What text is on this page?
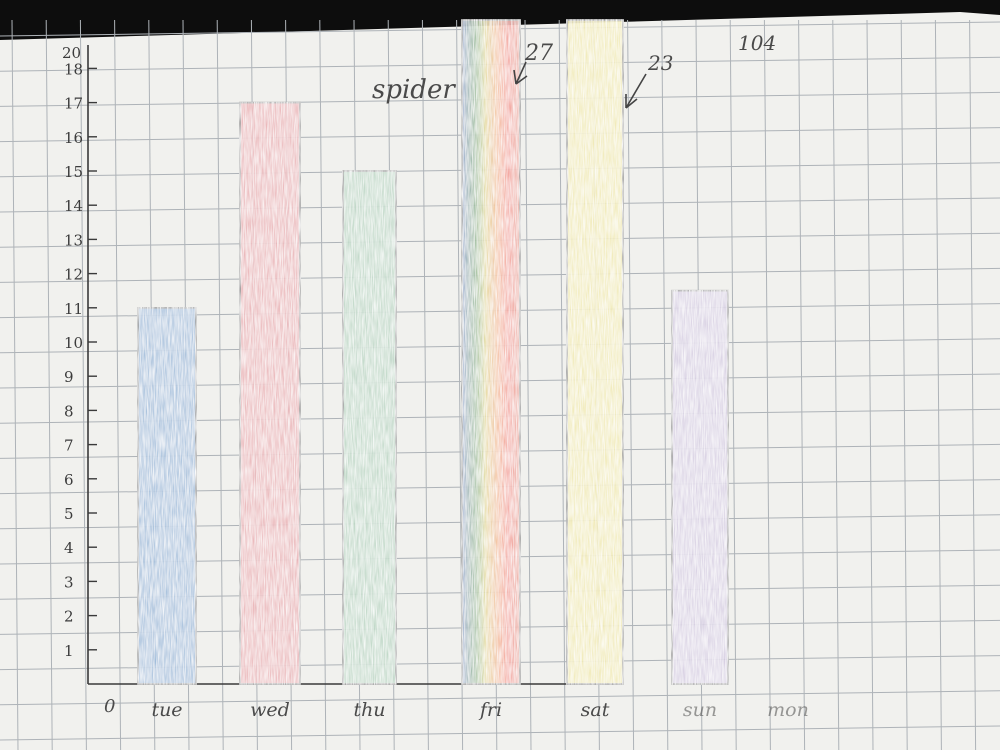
1
2
3
4
5
6
7
8
9
10
11
12
13
14
15
16
17
18
20
0 tue	wed	thu	fri	sat	sun	mon
spider
27	23
104
